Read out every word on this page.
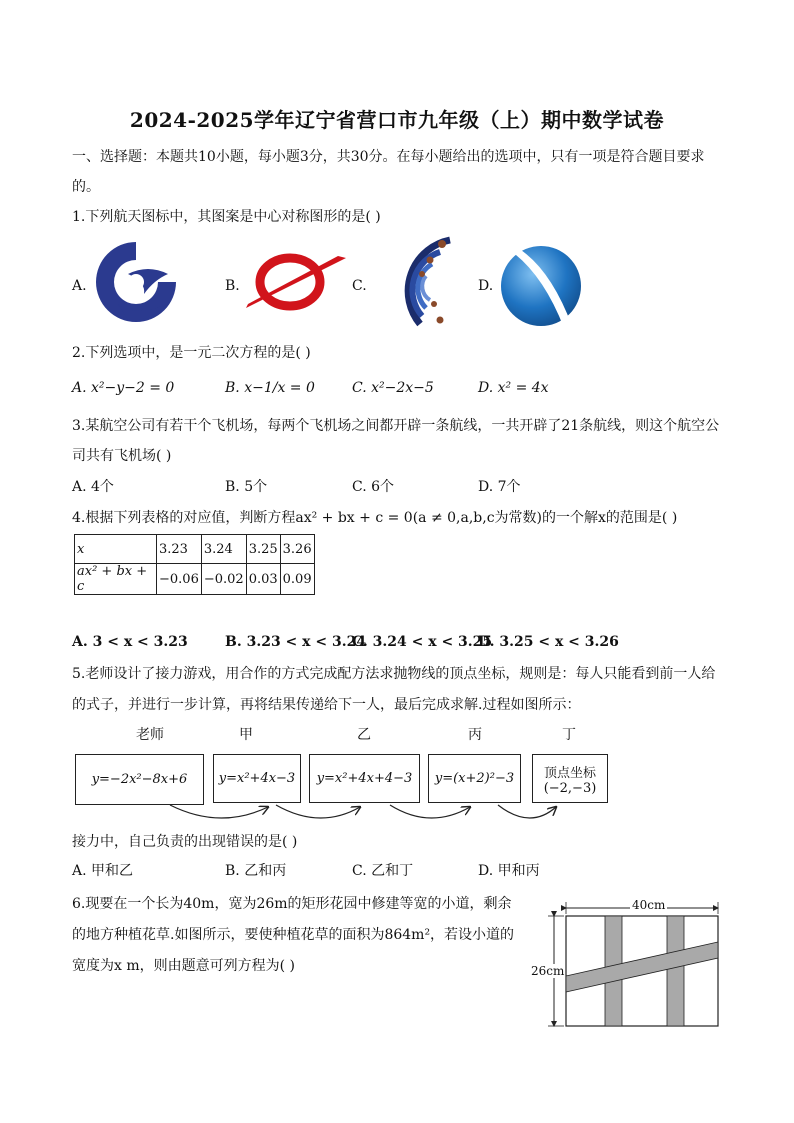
2024-2025学年辽宁省营口市九年级（上）期中数学试卷
一、选择题：本题共10小题，每小题3分，共30分。在每小题给出的选项中，只有一项是符合题目要求
的。
1.下列航天图标中，其图案是中心对称图形的是( )
A.	B.	C.	D.
2.下列选项中，是一元二次方程的是( )
A. x²−y−2 = 0	B. x−1/x = 0	C. x²−2x−5	D. x² = 4x
3.某航空公司有若干个飞机场，每两个飞机场之间都开辟一条航线，一共开辟了21条航线，则这个航空公
司共有飞机场( )
A. 4个	B. 5个	C. 6个	D. 7个
4.根据下列表格的对应值，判断方程ax² + bx + c = 0(a ≠ 0,a,b,c为常数)的一个解x的范围是( )
x	3.23	3.24	3.25	3.26
ax² + bx + c	−0.06	−0.02	0.03	0.09
A. 3 < x < 3.23	B. 3.23 < x < 3.24
C. 3.24 < x < 3.25
D. 3.25 < x < 3.26
5.老师设计了接力游戏，用合作的方式完成配方法求抛物线的顶点坐标，规则是：每人只能看到前一人给
的式子，并进行一步计算，再将结果传递给下一人，最后完成求解.过程如图所示：
老师	甲	乙	丙	丁
y=−2x²−8x+6	y=x²+4x−3	y=x²+4x+4−3	y=(x+2)²−3	顶点坐标
(−2,−3)
接力中，自己负责的出现错误的是( )
A. 甲和乙	B. 乙和丙	C. 乙和丁	D. 甲和丙
6.现要在一个长为40m，宽为26m的矩形花园中修建等宽的小道，剩余
的地方种植花草.如图所示，要使种植花草的面积为864m²，若设小道的
宽度为x m，则由题意可列方程为( )
40cm
26cm
